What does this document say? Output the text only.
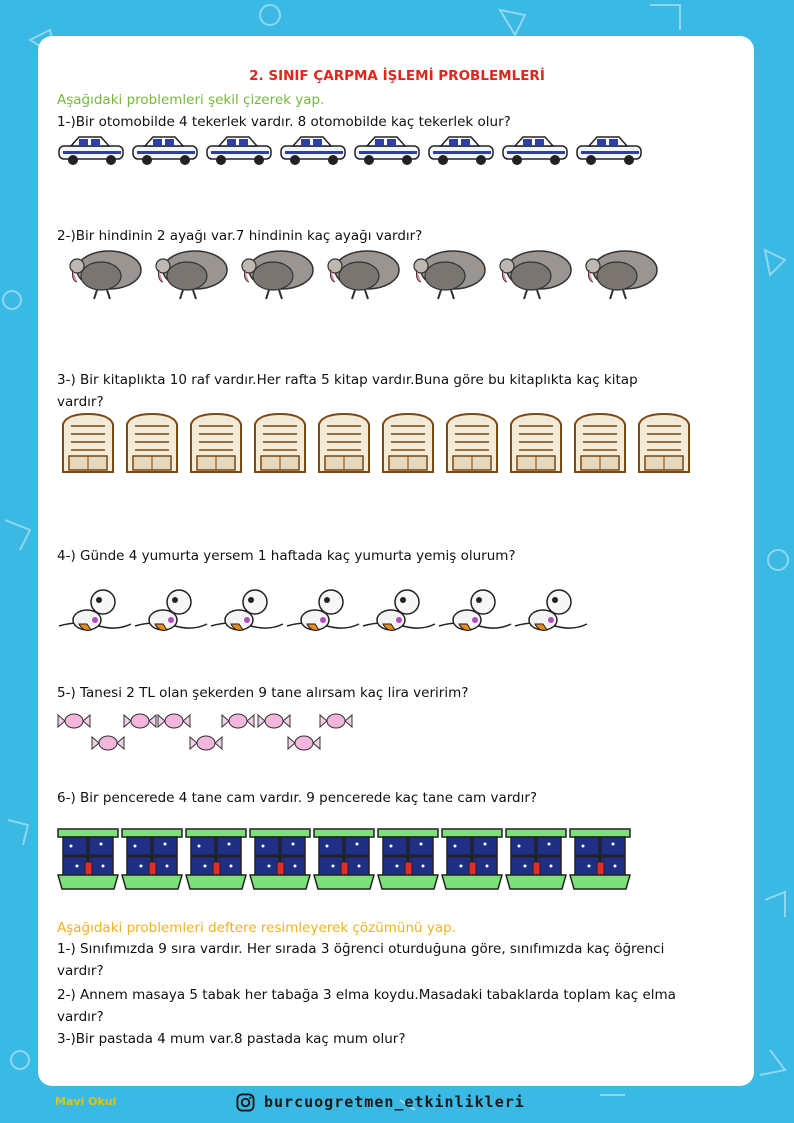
2. SINIF ÇARPMA İŞLEMİ PROBLEMLERİ
Aşağıdaki problemleri şekil çizerek yap.
1-)Bir otomobilde 4 tekerlek vardır. 8 otomobilde kaç tekerlek olur?
2-)Bir hindinin 2 ayağı var.7 hindinin kaç ayağı vardır?
3-) Bir kitaplıkta 10 raf vardır.Her rafta 5 kitap vardır.Buna göre bu kitaplıkta kaç kitap
vardır?
4-) Günde 4 yumurta yersem 1 haftada kaç yumurta yemiş olurum?
5-) Tanesi 2 TL olan şekerden 9 tane alırsam kaç lira veririm?
6-) Bir pencerede 4 tane cam vardır. 9 pencerede kaç tane cam vardır?
Aşağıdaki problemleri deftere resimleyerek çözümünü yap.
1-) Sınıfımızda 9 sıra vardır. Her sırada 3 öğrenci oturduğuna göre, sınıfımızda kaç öğrenci
vardır?
2-) Annem masaya 5 tabak her tabağa 3 elma koydu.Masadaki tabaklarda toplam kaç elma
vardır?
3-)Bir pastada 4 mum var.8 pastada kaç mum olur?
Mavi Okul	burcuogretmen_etkinlikleri
